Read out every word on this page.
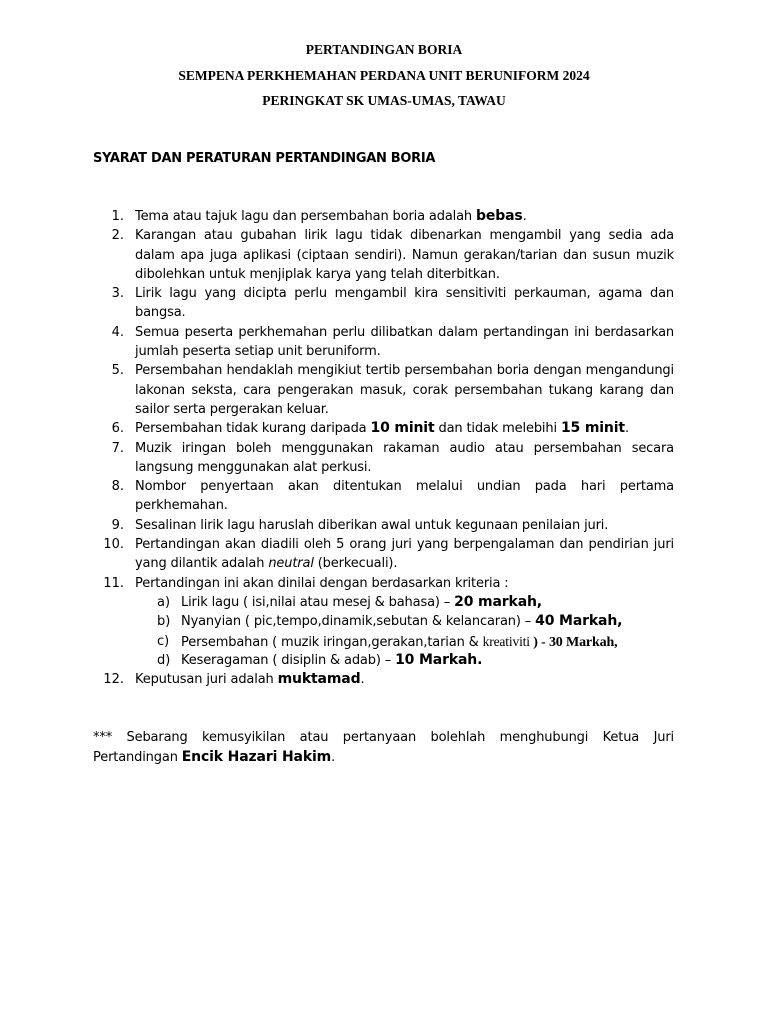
PERTANDINGAN BORIA
SEMPENA PERKHEMAHAN PERDANA UNIT BERUNIFORM 2024
PERINGKAT SK UMAS-UMAS, TAWAU
SYARAT DAN PERATURAN PERTANDINGAN BORIA
1. Tema atau tajuk lagu dan persembahan boria adalah bebas.
2. Karangan atau gubahan lirik lagu tidak dibenarkan mengambil yang sedia ada dalam apa juga aplikasi (ciptaan sendiri). Namun gerakan/tarian dan susun muzik dibolehkan untuk menjiplak karya yang telah diterbitkan.
3. Lirik lagu yang dicipta perlu mengambil kira sensitiviti perkauman, agama dan bangsa.
4. Semua peserta perkhemahan perlu dilibatkan dalam pertandingan ini berdasarkan jumlah peserta setiap unit beruniform.
5. Persembahan hendaklah mengikiut tertib persembahan boria dengan mengandungi lakonan seksta, cara pengerakan masuk, corak persembahan tukang karang dan sailor serta pergerakan keluar.
6. Persembahan tidak kurang daripada 10 minit dan tidak melebihi 15 minit.
7. Muzik iringan boleh menggunakan rakaman audio atau persembahan secara langsung menggunakan alat perkusi.
8. Nombor penyertaan akan ditentukan melalui undian pada hari pertama perkhemahan.
9. Sesalinan lirik lagu haruslah diberikan awal untuk kegunaan penilaian juri.
10. Pertandingan akan diadili oleh 5 orang juri yang berpengalaman dan pendirian juri yang dilantik adalah neutral (berkecuali).
11. Pertandingan ini akan dinilai dengan berdasarkan kriteria :
a) Lirik lagu ( isi,nilai atau mesej & bahasa) – 20 markah,
b) Nyanyian ( pic,tempo,dinamik,sebutan & kelancaran) – 40 Markah,
c) Persembahan ( muzik iringan,gerakan,tarian & kreativiti ) - 30 Markah,
d) Keseragaman ( disiplin & adab) – 10 Markah.
12. Keputusan juri adalah muktamad.
*** Sebarang kemusyikilan atau pertanyaan bolehlah menghubungi Ketua Juri Pertandingan Encik Hazari Hakim.
